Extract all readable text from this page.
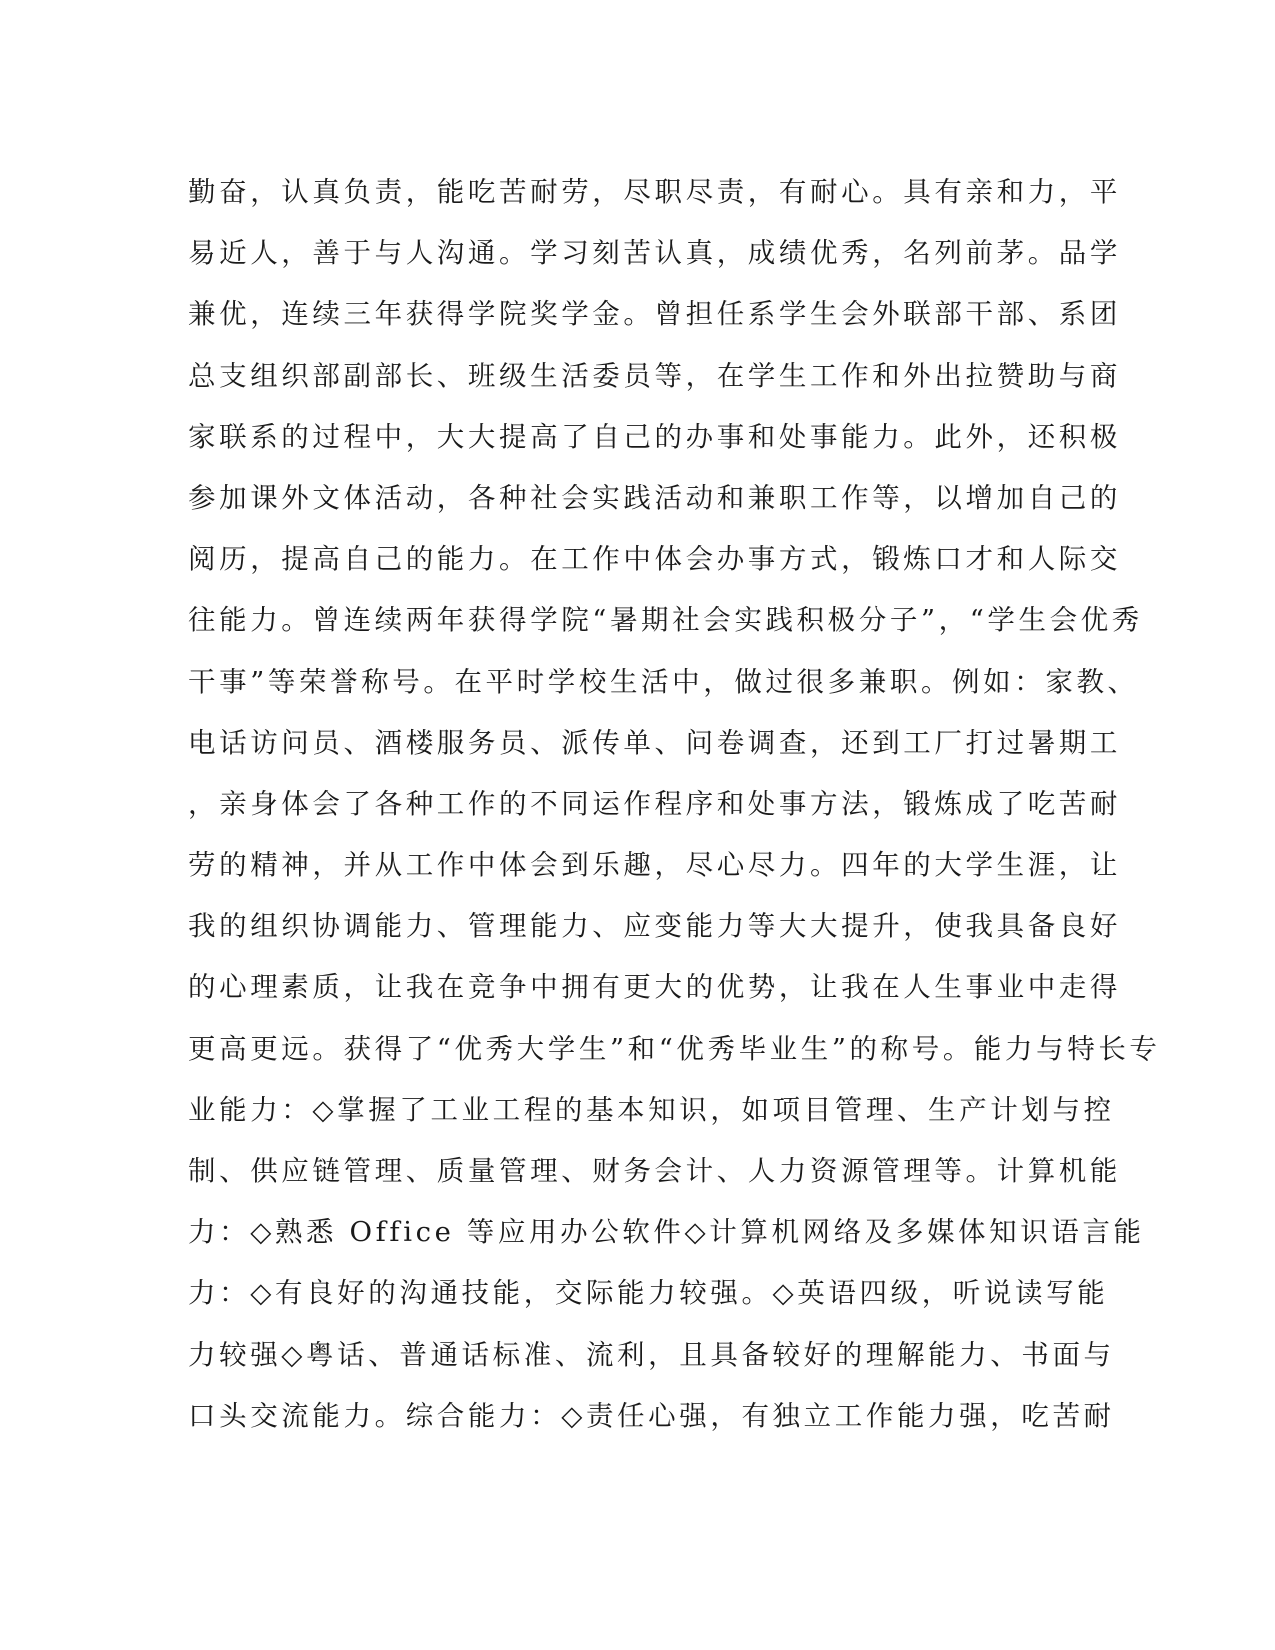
勤奋，认真负责，能吃苦耐劳，尽职尽责，有耐心。具有亲和力，平
易近人，善于与人沟通。学习刻苦认真，成绩优秀，名列前茅。品学
兼优，连续三年获得学院奖学金。曾担任系学生会外联部干部、系团
总支组织部副部长、班级生活委员等，在学生工作和外出拉赞助与商
家联系的过程中，大大提高了自己的办事和处事能力。此外，还积极
参加课外文体活动，各种社会实践活动和兼职工作等，以增加自己的
阅历，提高自己的能力。在工作中体会办事方式，锻炼口才和人际交
往能力。曾连续两年获得学院“暑期社会实践积极分子”，“学生会优秀
干事”等荣誉称号。在平时学校生活中，做过很多兼职。例如：家教、
电话访问员、酒楼服务员、派传单、问卷调查，还到工厂打过暑期工
，亲身体会了各种工作的不同运作程序和处事方法，锻炼成了吃苦耐
劳的精神，并从工作中体会到乐趣，尽心尽力。四年的大学生涯，让
我的组织协调能力、管理能力、应变能力等大大提升，使我具备良好
的心理素质，让我在竞争中拥有更大的优势，让我在人生事业中走得
更高更远。获得了“优秀大学生”和“优秀毕业生”的称号。能力与特长专
业能力：◇掌握了工业工程的基本知识，如项目管理、生产计划与控
制、供应链管理、质量管理、财务会计、人力资源管理等。计算机能
力：◇熟悉 Office 等应用办公软件◇计算机网络及多媒体知识语言能
力：◇有良好的沟通技能，交际能力较强。◇英语四级，听说读写能
力较强◇粤话、普通话标准、流利，且具备较好的理解能力、书面与
口头交流能力。综合能力：◇责任心强，有独立工作能力强，吃苦耐
